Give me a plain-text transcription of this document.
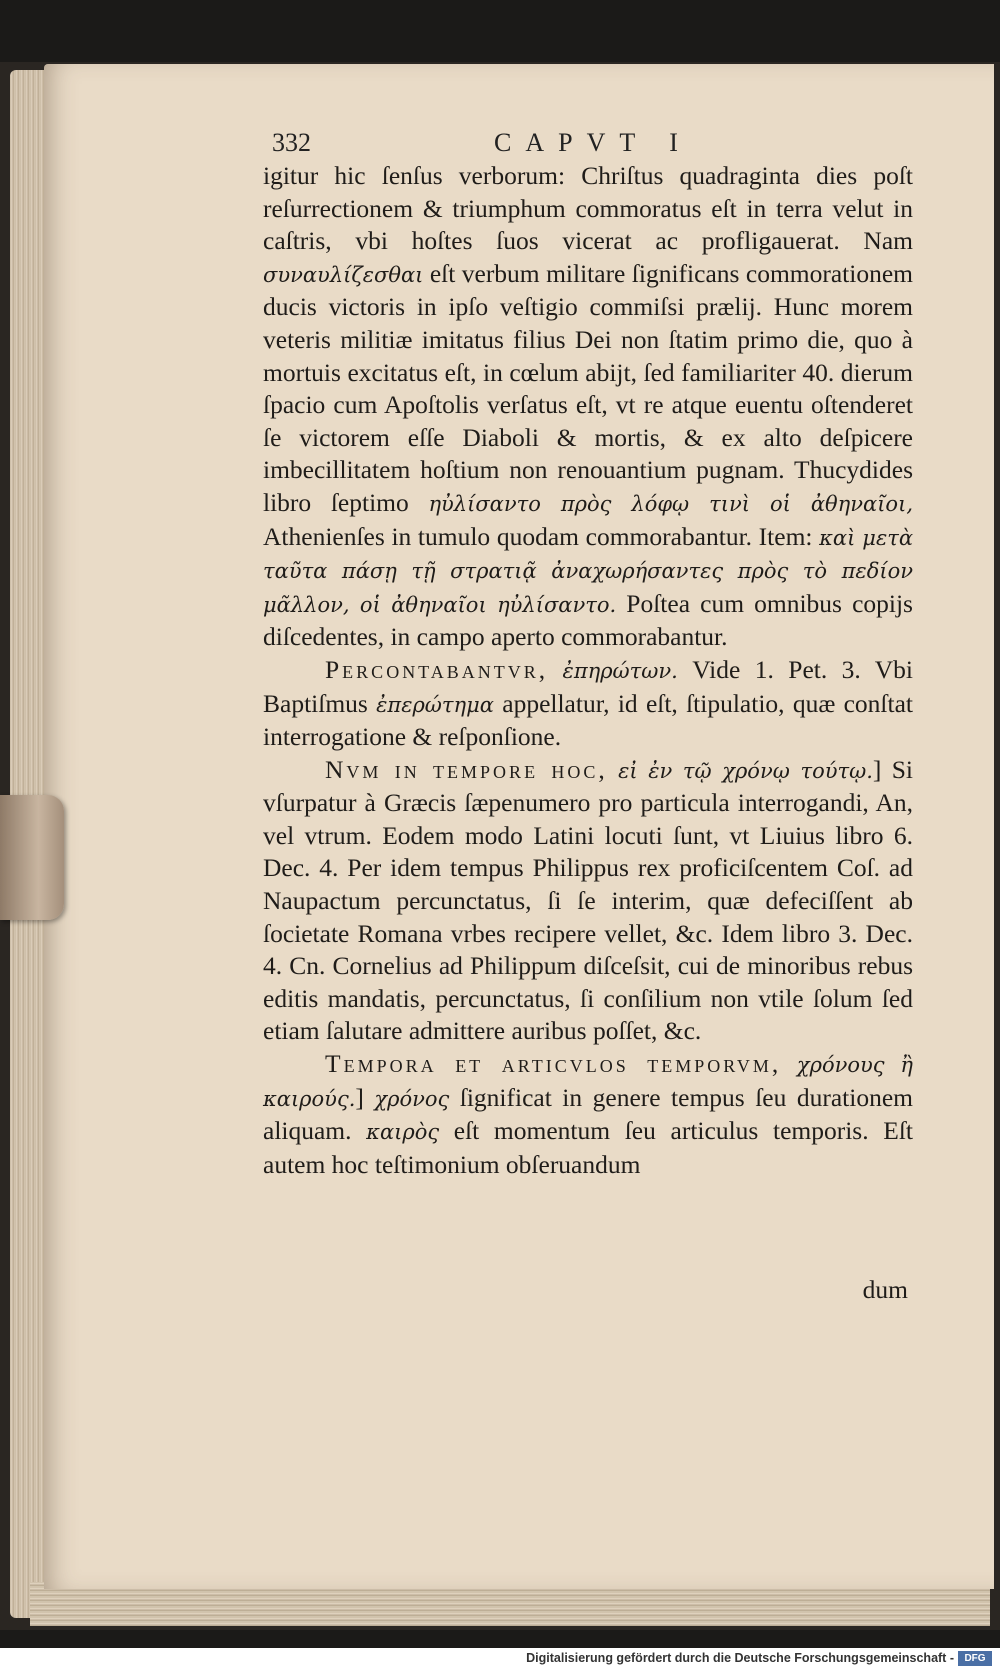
332	CAPVT I

igitur hic ſenſus verborum: Chriſtus quadraginta dies poſt reſurrectionem & triumphum commoratus eſt in terra velut in caſtris, vbi hoſtes ſuos vicerat ac profligauerat. Nam συναυλίζεσθαι eſt verbum militare ſignificans commorationem ducis victoris in ipſo veſtigio commiſsi prælij. Hunc morem veteris militiæ imitatus filius Dei non ſtatim primo die, quo à mortuis excitatus eſt, in cœlum abijt, ſed familiariter 40. dierum ſpacio cum Apoſtolis verſatus eſt, vt re atque euentu oſtenderet ſe victorem eſſe Diaboli & mortis, & ex alto deſpicere imbecillitatem hoſtium non renouantium pugnam. Thucydides libro ſeptimo ηὐλίσαντο πρὸς λόφῳ τινὶ οἱ ἀθηναῖοι, Athenienſes in tumulo quodam commorabantur. Item: καὶ μετὰ ταῦτα πάσῃ τῇ στρατιᾷ ἀναχωρήσαντες πρὸς τὸ πεδίον μᾶλλον, οἱ ἀθηναῖοι ηὐλίσαντο. Poſtea cum omnibus copijs diſcedentes, in campo aperto commorabantur.

Percontabantvr, ἐπηρώτων. Vide 1. Pet. 3. Vbi Baptiſmus ἐπερώτημα appellatur, id eſt, ſtipulatio, quæ conſtat interrogatione & reſponſione.

Nvm in tempore hoc, εἰ ἐν τῷ χρόνῳ τούτῳ.] Si vſurpatur à Græcis ſæpenumero pro particula interrogandi, An, vel vtrum. Eodem modo Latini locuti ſunt, vt Liuius libro 6. Dec. 4. Per idem tempus Philippus rex proficiſcentem Coſ. ad Naupactum percunctatus, ſi ſe interim, quæ defeciſſent ab ſocietate Romana vrbes recipere vellet, &c. Idem libro 3. Dec. 4. Cn. Cornelius ad Philippum diſceſsit, cui de minoribus rebus editis mandatis, percunctatus, ſi conſilium non vtile ſolum ſed etiam ſalutare admittere auribus poſſet, &c.

Tempora et articvlos temporvm, χρόνους ἢ καιρούς.] χρόνος ſignificat in genere tempus ſeu durationem aliquam. καιρὸς eſt momentum ſeu articulus temporis. Eſt autem hoc teſtimonium obſeruandum

dum
Digitalisierung gefördert durch die Deutsche Forschungsgemeinschaft -	DFG
